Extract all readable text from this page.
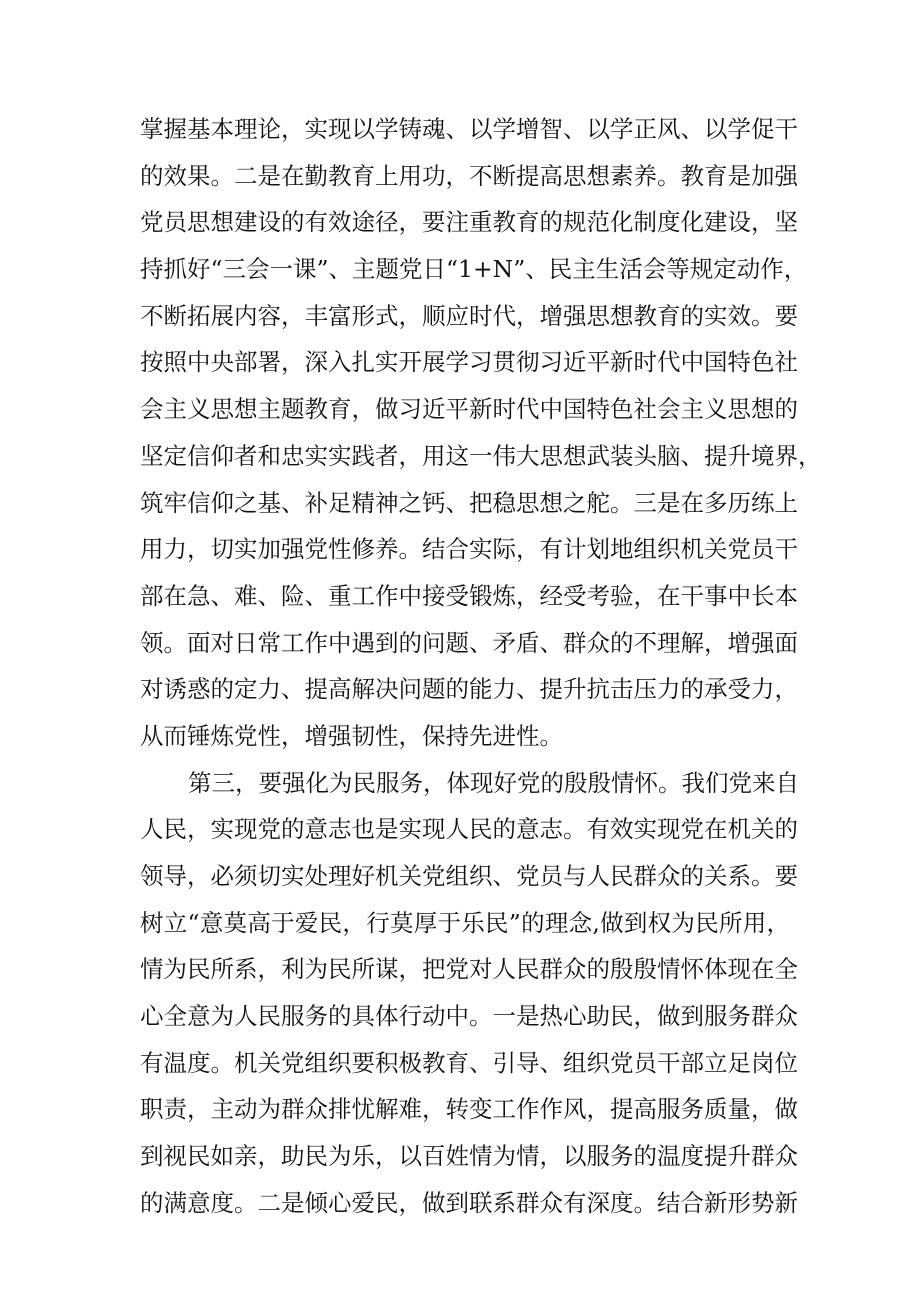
掌握基本理论，实现以学铸魂、以学增智、以学正风、以学促干
的效果。二是在勤教育上用功，不断提高思想素养。教育是加强
党员思想建设的有效途径，要注重教育的规范化制度化建设，坚
持抓好“三会一课”、主题党日“1+N”、民主生活会等规定动作，
不断拓展内容，丰富形式，顺应时代，增强思想教育的实效。要
按照中央部署，深入扎实开展学习贯彻习近平新时代中国特色社
会主义思想主题教育，做习近平新时代中国特色社会主义思想的
坚定信仰者和忠实实践者，用这一伟大思想武装头脑、提升境界，
筑牢信仰之基、补足精神之钙、把稳思想之舵。三是在多历练上
用力，切实加强党性修养。结合实际，有计划地组织机关党员干
部在急、难、险、重工作中接受锻炼，经受考验，在干事中长本
领。面对日常工作中遇到的问题、矛盾、群众的不理解，增强面
对诱惑的定力、提高解决问题的能力、提升抗击压力的承受力，
从而锤炼党性，增强韧性，保持先进性。
第三，要强化为民服务，体现好党的殷殷情怀。我们党来自
人民，实现党的意志也是实现人民的意志。有效实现党在机关的
领导，必须切实处理好机关党组织、党员与人民群众的关系。要
树立“意莫高于爱民，行莫厚于乐民”的理念,做到权为民所用，
情为民所系，利为民所谋，把党对人民群众的殷殷情怀体现在全
心全意为人民服务的具体行动中。一是热心助民，做到服务群众
有温度。机关党组织要积极教育、引导、组织党员干部立足岗位
职责，主动为群众排忧解难，转变工作作风，提高服务质量，做
到视民如亲，助民为乐，以百姓情为情，以服务的温度提升群众
的满意度。二是倾心爱民，做到联系群众有深度。结合新形势新
